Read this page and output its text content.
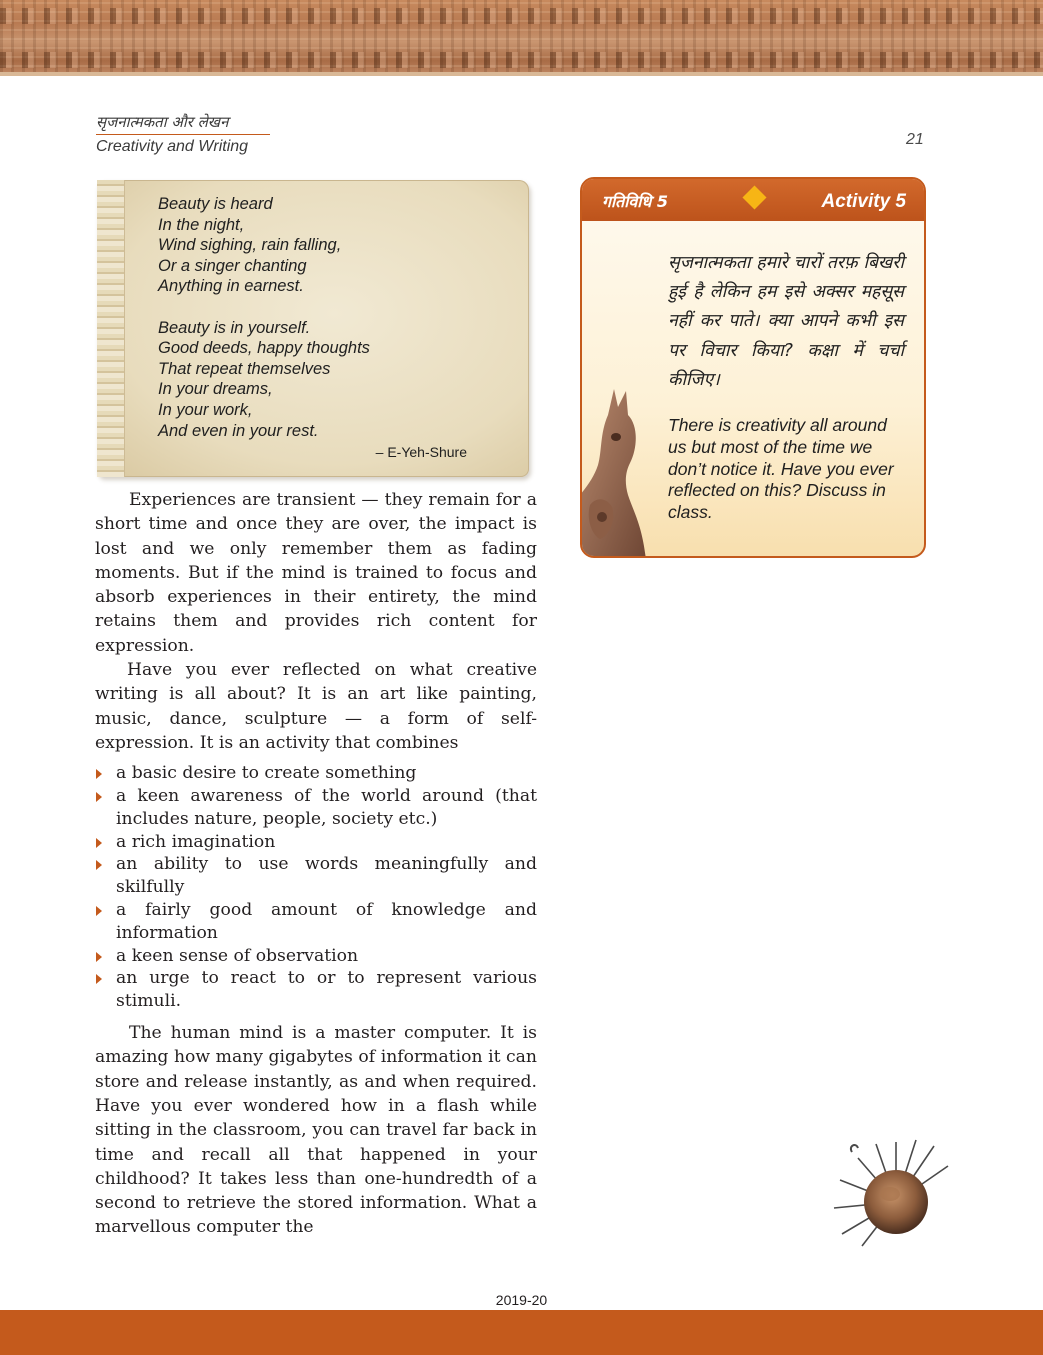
सृजनात्मकता और लेखन
Creativity and Writing	21
Beauty is heard
In the night,
Wind sighing, rain falling,
Or a singer chanting
Anything in earnest.
Beauty is in yourself.
Good deeds, happy thoughts
That repeat themselves
In your dreams,
In your work,
And even in your rest.
– E-Yeh-Shure

Experiences are transient — they remain for a short time and once they are over, the impact is lost and we only remember them as fading moments. But if the mind is trained to focus and absorb experiences in their entirety, the mind retains them and provides rich content for expression.

Have you ever reflected on what creative writing is all about? It is an art like painting, music, dance, sculpture — a form of self-expression. It is an activity that combines

a basic desire to create something
a keen awareness of the world around (that includes nature, people, society etc.)
a rich imagination
an ability to use words meaningfully and skilfully
a fairly good amount of knowledge and information
a keen sense of observation
an urge to react to or to represent various stimuli.

The human mind is a master computer. It is amazing how many gigabytes of information it can store and release instantly, as and when required. Have you ever wondered how in a flash while sitting in the classroom, you can travel far back in time and recall all that happened in your childhood? It takes less than one-hundredth of a second to retrieve the stored information. What a marvellous computer the

गतिविधि 5	Activity 5
सृजनात्मकता हमारे चारों तरफ़ बिखरी हुई है लेकिन हम इसे अक्सर महसूस नहीं कर पाते। क्या आपने कभी इस पर विचार किया? कक्षा में चर्चा कीजिए।
There is creativity all around us but most of the time we don’t notice it. Have you ever reflected on this? Discuss in class.
2019-20
